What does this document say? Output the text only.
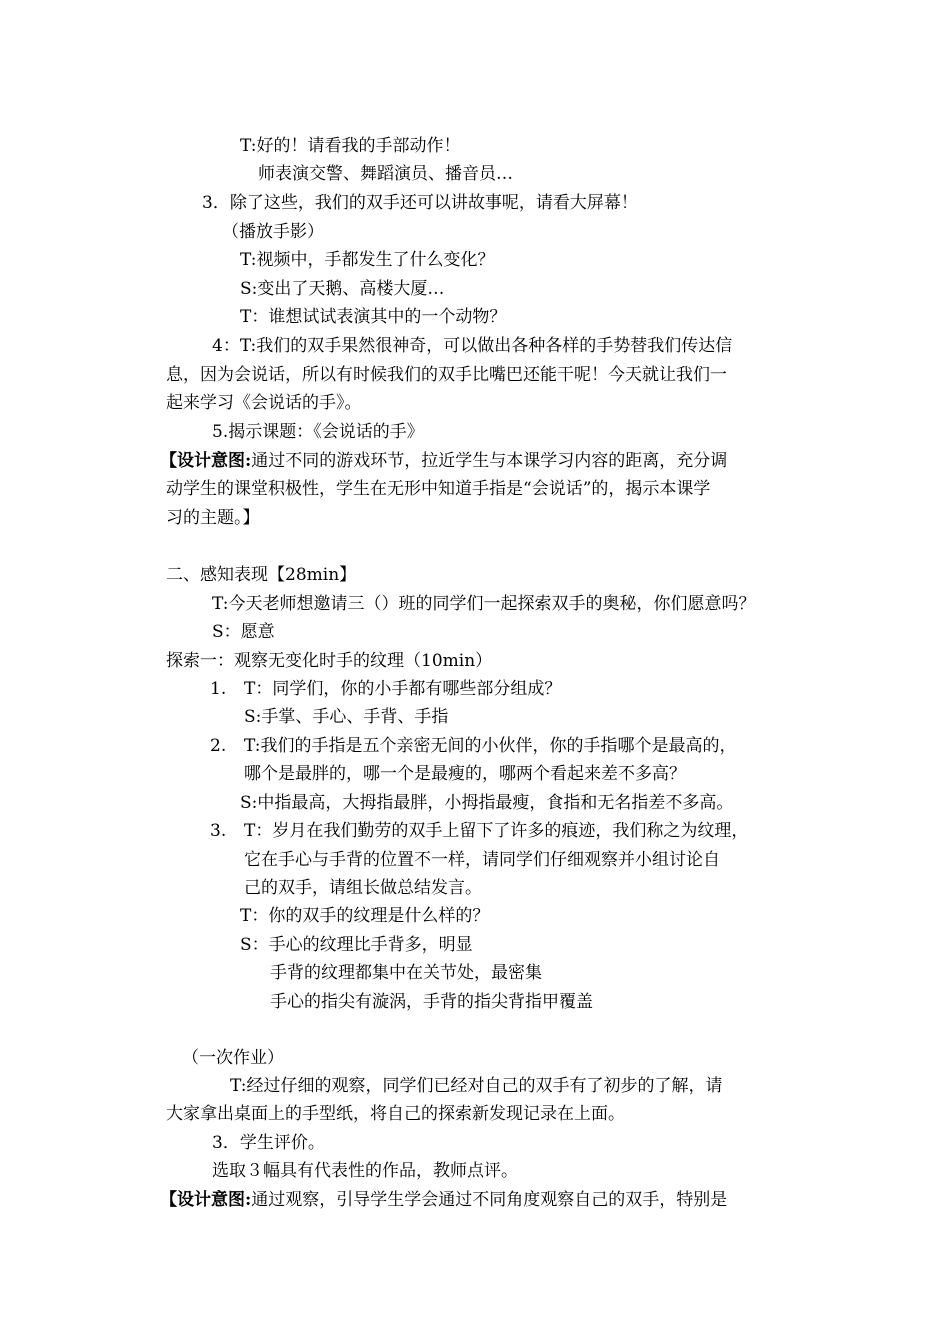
T:好的！请看我的手部动作！
师表演交警、舞蹈演员、播音员…
3．除了这些，我们的双手还可以讲故事呢，请看大屏幕！
（播放手影）
T:视频中，手都发生了什么变化？
S:变出了天鹅、高楼大厦…
T：谁想试试表演其中的一个动物？
4：T:我们的双手果然很神奇，可以做出各种各样的手势替我们传达信
息，因为会说话，所以有时候我们的双手比嘴巴还能干呢！今天就让我们一
起来学习《会说话的手》。
5.揭示课题：《会说话的手》
【设计意图:通过不同的游戏环节，拉近学生与本课学习内容的距离，充分调
动学生的课堂积极性，学生在无形中知道手指是“会说话”的，揭示本课学
习的主题。】
二、感知表现【28min】
T:今天老师想邀请三（）班的同学们一起探索双手的奥秘，你们愿意吗？
S：愿意
探索一：观察无变化时手的纹理（10min）
1. T：同学们，你的小手都有哪些部分组成？
S:手掌、手心、手背、手指
2. T:我们的手指是五个亲密无间的小伙伴，你的手指哪个是最高的，
哪个是最胖的，哪一个是最瘦的，哪两个看起来差不多高？
S:中指最高，大拇指最胖，小拇指最瘦，食指和无名指差不多高。
3. T：岁月在我们勤劳的双手上留下了许多的痕迹，我们称之为纹理，
它在手心与手背的位置不一样，请同学们仔细观察并小组讨论自
己的双手，请组长做总结发言。
T：你的双手的纹理是什么样的？
S：手心的纹理比手背多，明显
手背的纹理都集中在关节处，最密集
手心的指尖有漩涡，手背的指尖背指甲覆盖
（一次作业）
T:经过仔细的观察，同学们已经对自己的双手有了初步的了解，请
大家拿出桌面上的手型纸，将自己的探索新发现记录在上面。
3．学生评价。
选取３幅具有代表性的作品，教师点评。
【设计意图:通过观察，引导学生学会通过不同角度观察自己的双手，特别是
